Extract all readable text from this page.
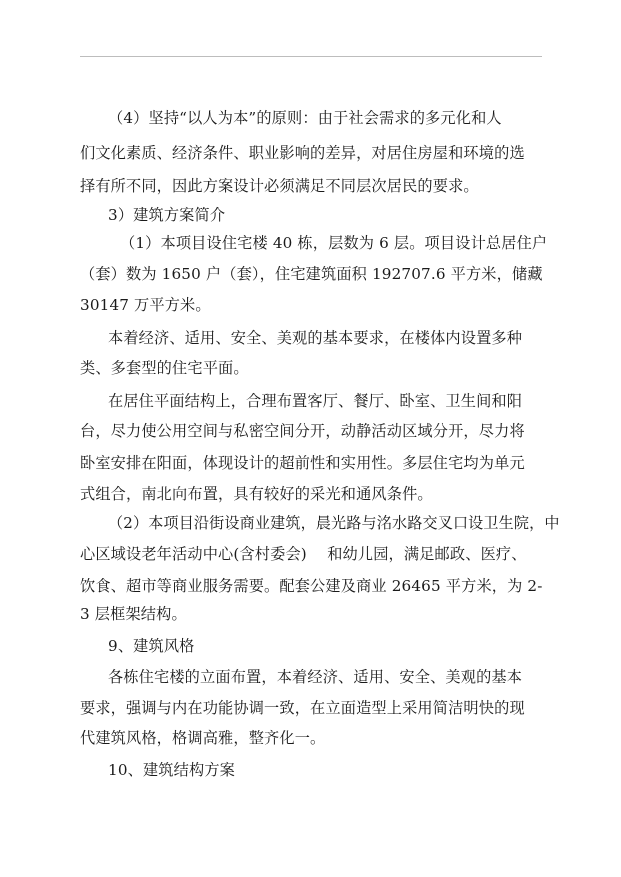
（4）坚持“以人为本”的原则：由于社会需求的多元化和人
们文化素质、经济条件、职业影响的差异，对居住房屋和环境的选
择有所不同，因此方案设计必须满足不同层次居民的要求。
3）建筑方案简介
（1）本项目设住宅楼 40 栋，层数为 6 层。项目设计总居住户
（套）数为 1650 户（套），住宅建筑面积 192707.6 平方米，储藏
30147 万平方米。
本着经济、适用、安全、美观的基本要求，在楼体内设置多种
类、多套型的住宅平面。
在居住平面结构上，合理布置客厅、餐厅、卧室、卫生间和阳
台，尽力使公用空间与私密空间分开，动静活动区域分开，尽力将
卧室安排在阳面，体现设计的超前性和实用性。多层住宅均为单元
式组合，南北向布置，具有较好的采光和通风条件。
（2）本项目沿街设商业建筑，晨光路与洺水路交叉口设卫生院，中
心区域设老年活动中心(含村委会)　 和幼儿园，满足邮政、医疗、
饮食、超市等商业服务需要。配套公建及商业 26465 平方米，为 2-
3 层框架结构。
9、建筑风格
各栋住宅楼的立面布置，本着经济、适用、安全、美观的基本
要求，强调与内在功能协调一致，在立面造型上采用简洁明快的现
代建筑风格，格调高雅，整齐化一。
10、建筑结构方案
